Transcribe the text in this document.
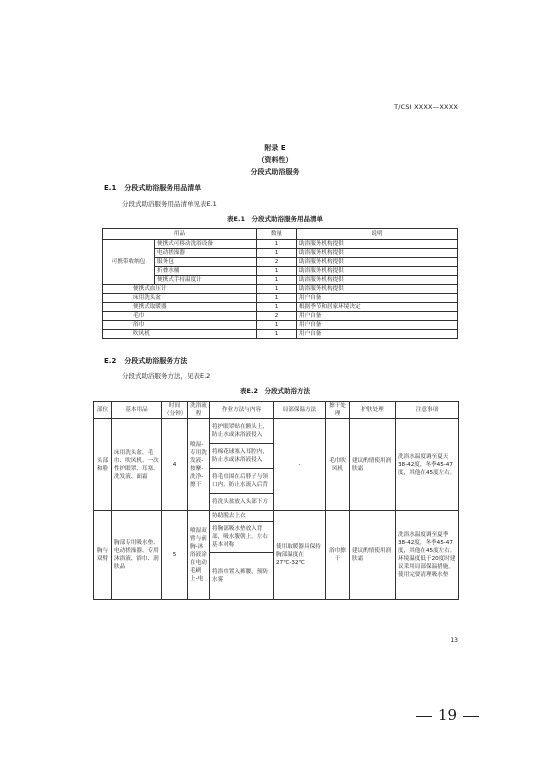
T/CSI XXXX—XXXX
附录 E
（资料性）
分段式助浴服务
E.1 分段式助浴服务用品清单
分段式助浴服务用品清单见表E.1
表E.1　分段式助浴服务用品清单
用品		数量	说明
可携带收纳包	便携式可移动洗浴设备	1	助浴服务机构提供
	电动搓澡器	1	助浴服务机构提供
	服务包	2	助浴服务机构提供
	折叠水桶	1	助浴服务机构提供
	便携式手持温度计	1	助浴服务机构提供
便携式血压计		1	助浴服务机构提供
床用洗头盆		1	用户自备
便携式取暖器		1	根据季节和居家环境决定
毛巾		2	用户自备
浴巾		1	用户自备
吹风机		1	用户自备
E.2 分段式助浴服务方法
分段式助浴服务方法，见表E.2
表E.2　分段式助浴方法
部位	基本用品	时间（分钟）	洗浴流程	作业方法与内容	局部保温方法	擦干处理	护肤处理	注意事项
头部和脸	床用洗头盆、毛巾、吹风机、一次性护眼罩、耳塞、洗发液、面霜	4	喷湿-专用洗发液-按摩-洗净-擦干	将护眼罩贴在额头上，防止水或沐浴液侵入	-	毛巾吹风机	建议酌情使用润肤霜	洗浴水温度调至夏天38-42度，冬季45-47度，其他在45度左右。
				将棉花球塞入耳腔内，防止水或沐浴液侵入				
				将毛巾围在后脖子与领口内，防止水流入后背				
				将洗头盆放入头部下方				
胸与双臂	胸部专用吸水垫、电动搓澡器、专用沐浴液、浴巾、润肤品	5	喷湿双臂与前胸-沐浴液涂在电动毛刷上-电	协助脱去上衣	使用取暖器具保持胸部温度在27℃-32℃	浴巾擦干	建议酌情使用润肤霜	洗浴水温度调至夏季38-42度，冬季45-47度，其他在45度左右。环境温度低于20度时建议采用局部保温措施。使用完要清理吸水垫
				将胸部吸水垫放入背部，吸水腹朝上，左右基本对称				
				将浴巾置入裤腰，预防水雾				
13
19
